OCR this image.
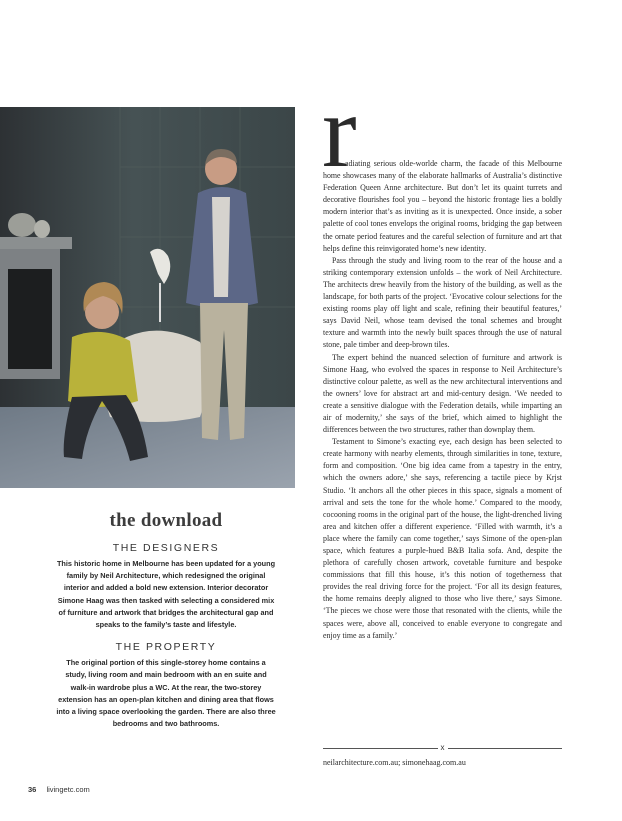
the download
THE DESIGNERS

This historic home in Melbourne has been updated for a young family by Neil Architecture, which redesigned the original interior and added a bold new extension. Interior decorator Simone Haag was then tasked with selecting a considered mix of furniture and artwork that bridges the architectural gap and speaks to the family’s taste and lifestyle.

THE PROPERTY

The original portion of this single-storey home contains a study, living room and main bedroom with an en suite and walk-in wardrobe plus a WC. At the rear, the two-storey extension has an open-plan kitchen and dining area that flows into a living space overlooking the garden. There are also three bedrooms and two bathrooms.

r

adiating serious olde-worlde charm, the facade of this Melbourne home showcases many of the elaborate hallmarks of Australia’s distinctive Federation Queen Anne architecture. But don’t let its quaint turrets and decorative flourishes fool you – beyond the historic frontage lies a boldly modern interior that’s as inviting as it is unexpected. Once inside, a sober palette of cool tones envelops the original rooms, bridging the gap between the ornate period features and the careful selection of furniture and art that helps define this reinvigorated home’s new identity.

Pass through the study and living room to the rear of the house and a striking contemporary extension unfolds – the work of Neil Architecture. The architects drew heavily from the history of the building, as well as the landscape, for both parts of the project. ‘Evocative colour selections for the existing rooms play off light and scale, refining their beautiful features,’ says David Neil, whose team devised the tonal schemes and brought texture and warmth into the newly built spaces through the use of natural stone, pale timber and deep-brown tiles.

The expert behind the nuanced selection of furniture and artwork is Simone Haag, who evolved the spaces in response to Neil Architecture’s distinctive colour palette, as well as the new architectural interventions and the owners’ love for abstract art and mid-century design. ‘We needed to create a sensitive dialogue with the Federation details, while imparting an air of modernity,’ she says of the brief, which aimed to highlight the differences between the two structures, rather than downplay them.

Testament to Simone’s exacting eye, each design has been selected to create harmony with nearby elements, through similarities in tone, texture, form and composition. ‘One big idea came from a tapestry in the entry, which the owners adore,’ she says, referencing a tactile piece by Krjst Studio. ‘It anchors all the other pieces in this space, signals a moment of arrival and sets the tone for the whole home.’ Compared to the moody, cocooning rooms in the original part of the house, the light-drenched living area and kitchen offer a different experience. ‘Filled with warmth, it’s a place where the family can come together,’ says Simone of the open-plan space, which features a purple-hued B&B Italia sofa. And, despite the plethora of carefully chosen artwork, covetable furniture and bespoke commissions that fill this house, it’s this notion of togetherness that provides the real driving force for the project. ‘For all its design features, the home remains deeply aligned to those who live there,’ says Simone. ‘The pieces we chose were those that resonated with the clients, while the spaces were, above all, conceived to enable everyone to congregate and enjoy time as a family.’

x
neilarchitecture.com.au; simonehaag.com.au
36 livingetc.com
